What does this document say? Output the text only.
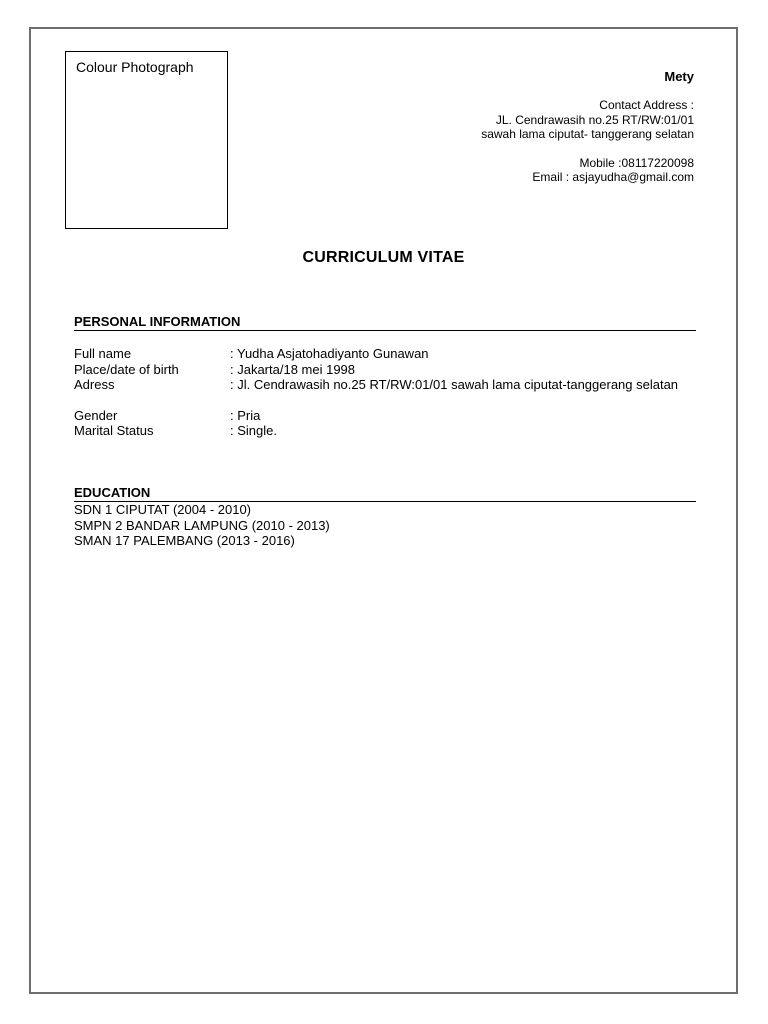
Colour Photograph
Mety
Contact Address :
JL. Cendrawasih no.25 RT/RW:01/01
sawah lama ciputat- tanggerang selatan
Mobile :08117220098
Email : asjayudha@gmail.com
CURRICULUM VITAE
PERSONAL INFORMATION
Full name	: Yudha Asjatohadiyanto Gunawan
Place/date of birth	: Jakarta/18 mei 1998
Adress	: Jl. Cendrawasih no.25 RT/RW:01/01 sawah lama ciputat-tanggerang selatan
Gender	: Pria
Marital Status	: Single.
EDUCATION
SDN 1 CIPUTAT (2004 - 2010)
SMPN 2 BANDAR LAMPUNG (2010 - 2013)
SMAN 17 PALEMBANG (2013 - 2016)
